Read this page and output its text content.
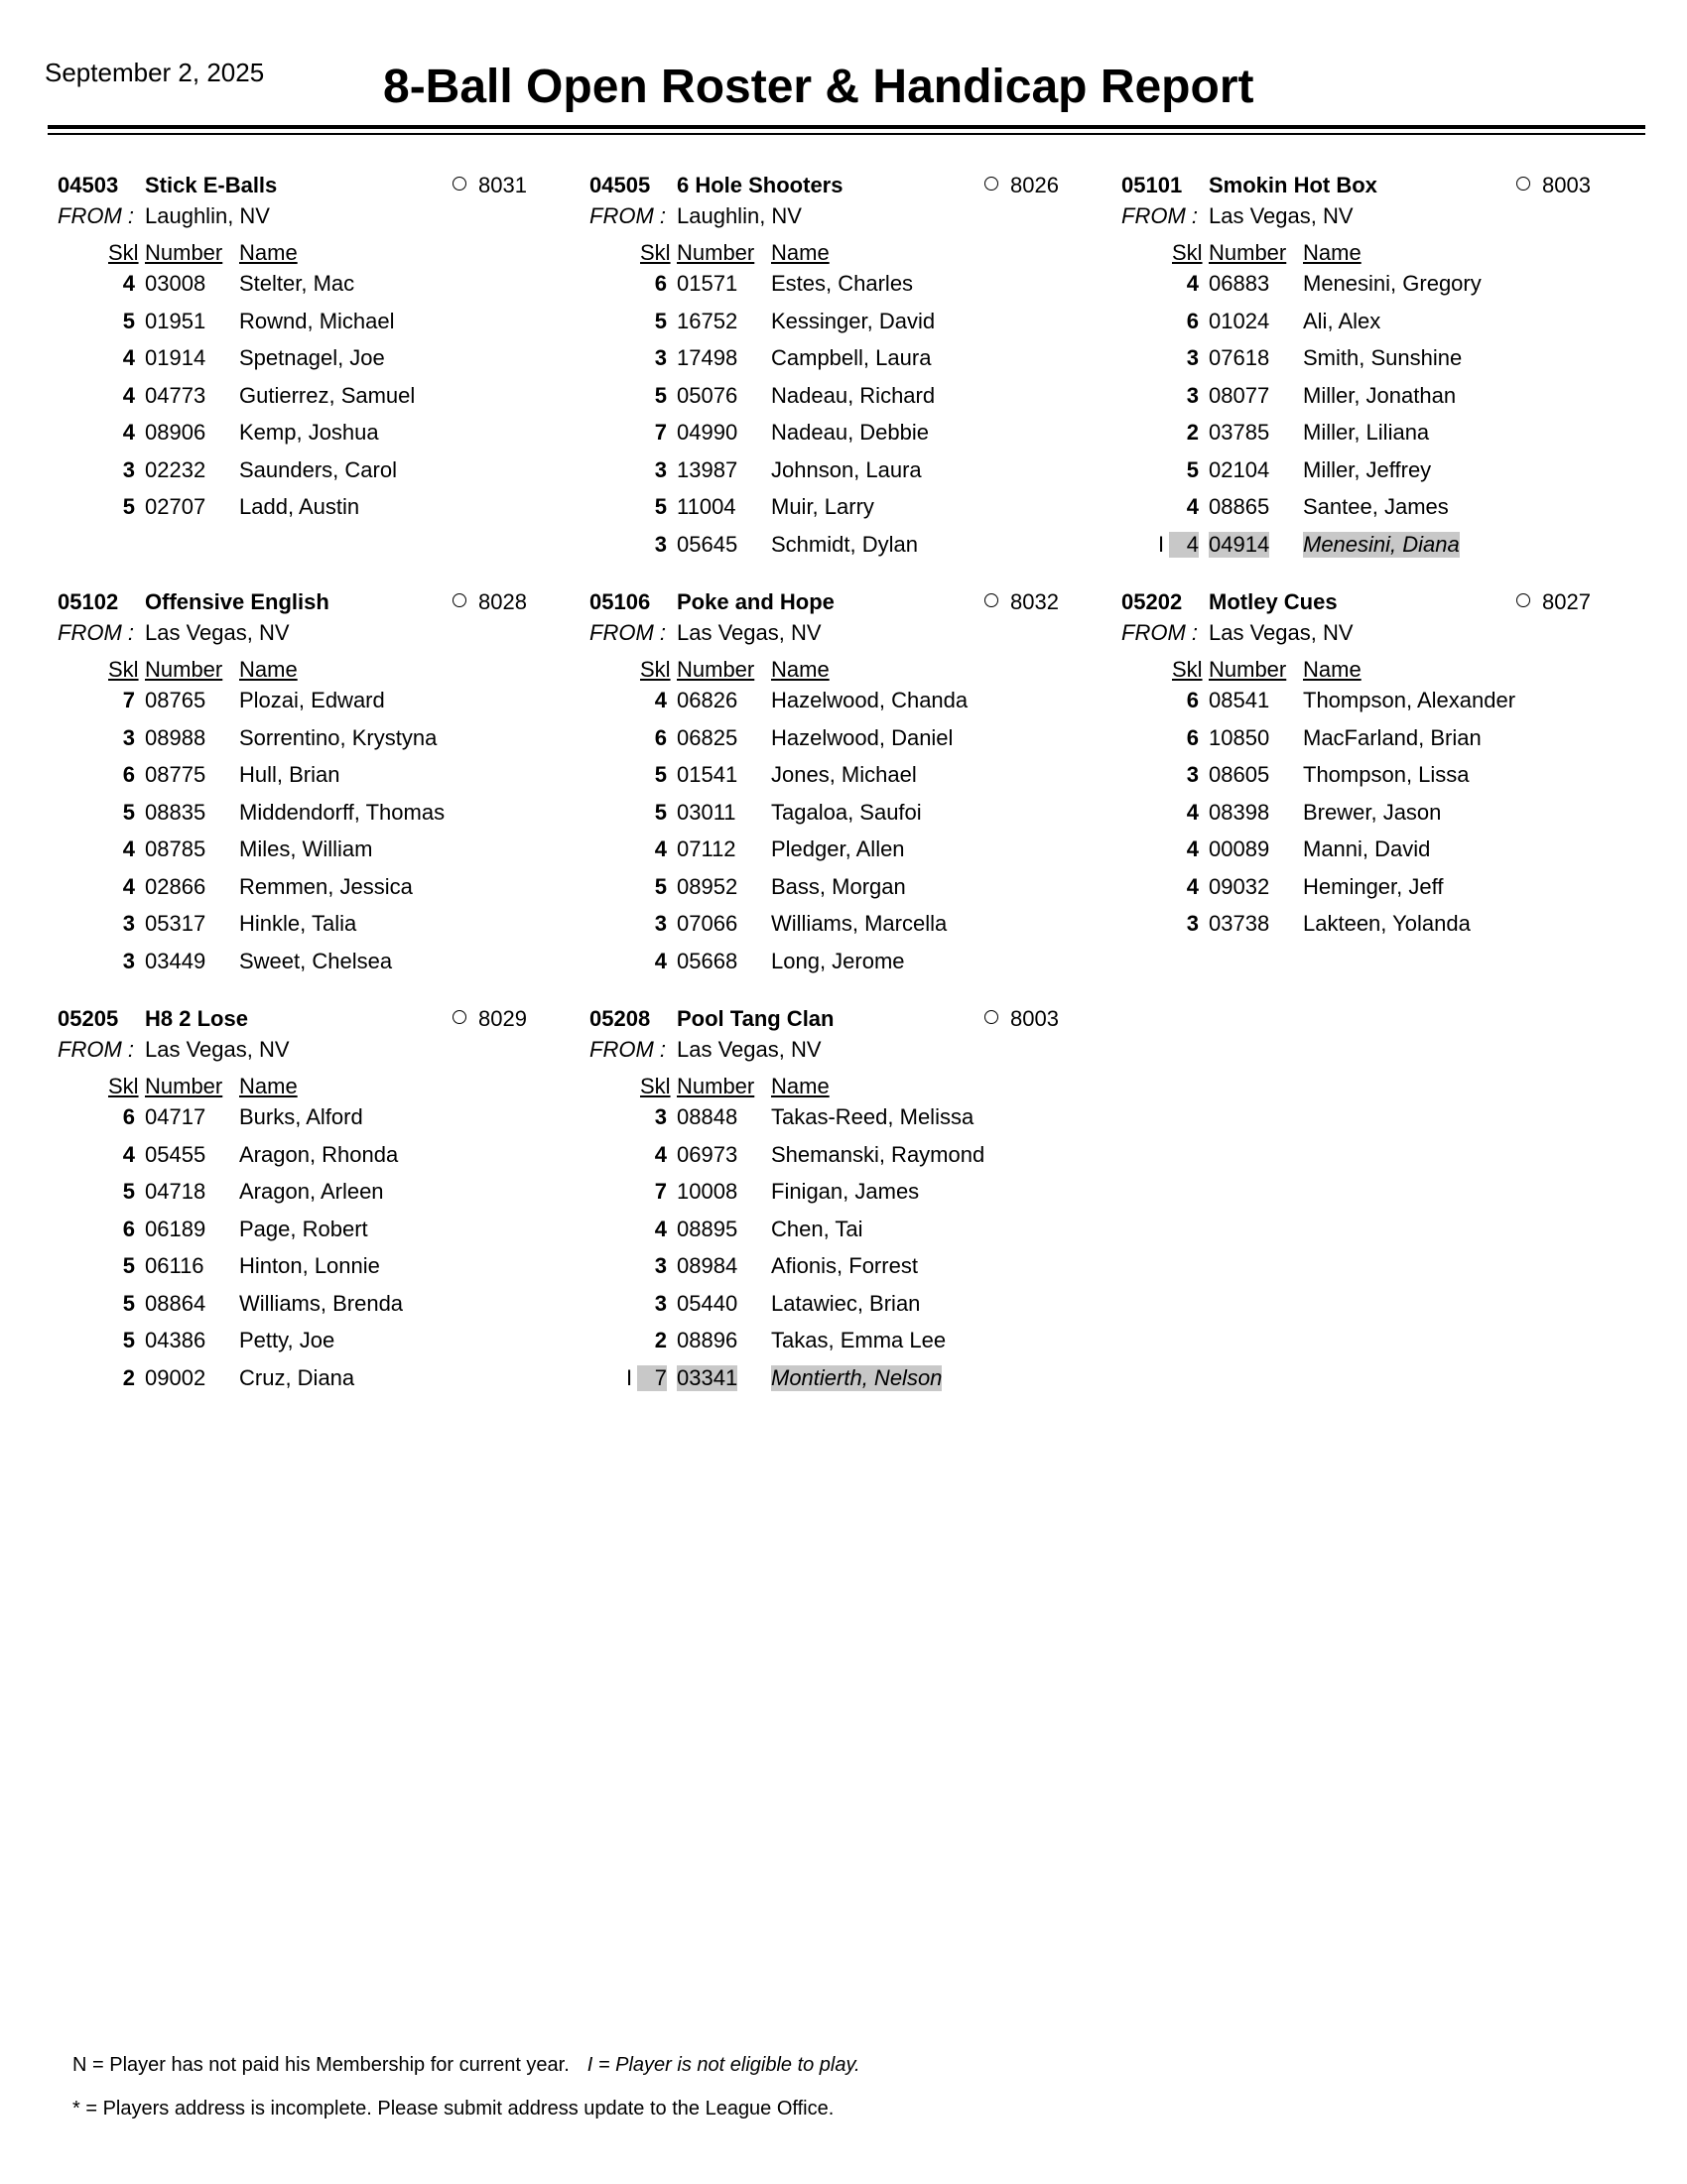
September 2, 2025 8-Ball Open Roster & Handicap Report
04503 Stick E-Balls	8031
FROM : Laughlin, NV
Skl Number Name
4 03008 Stelter, Mac
5 01951 Rownd, Michael
4 01914 Spetnagel, Joe
4 04773 Gutierrez, Samuel
4 08906 Kemp, Joshua
3 02232 Saunders, Carol
5 02707 Ladd, Austin
04505 6 Hole Shooters	8026
FROM : Laughlin, NV
Skl Number Name
6 01571 Estes, Charles
5 16752 Kessinger, David
3 17498 Campbell, Laura
5 05076 Nadeau, Richard
7 04990 Nadeau, Debbie
3 13987 Johnson, Laura
5 11004 Muir, Larry
3 05645 Schmidt, Dylan
05101 Smokin Hot Box	8003
FROM : Las Vegas, NV
Skl Number Name
4 06883 Menesini, Gregory
6 01024 Ali, Alex
3 07618 Smith, Sunshine
3 08077 Miller, Jonathan
2 03785 Miller, Liliana
5 02104 Miller, Jeffrey
4 08865 Santee, James
I	4 04914 Menesini, Diana
05102 Offensive English	8028
FROM : Las Vegas, NV
Skl Number Name
7 08765 Plozai, Edward
3 08988 Sorrentino, Krystyna
6 08775 Hull, Brian
5 08835 Middendorff, Thomas
4 08785 Miles, William
4 02866 Remmen, Jessica
3 05317 Hinkle, Talia
3 03449 Sweet, Chelsea
05106 Poke and Hope	8032
FROM : Las Vegas, NV
Skl Number Name
4 06826 Hazelwood, Chanda
6 06825 Hazelwood, Daniel
5 01541 Jones, Michael
5 03011 Tagaloa, Saufoi
4 07112 Pledger, Allen
5 08952 Bass, Morgan
3 07066 Williams, Marcella
4 05668 Long, Jerome
05202 Motley Cues	8027
FROM : Las Vegas, NV
Skl Number Name
6 08541 Thompson, Alexander
6 10850 MacFarland, Brian
3 08605 Thompson, Lissa
4 08398 Brewer, Jason
4 00089 Manni, David
4 09032 Heminger, Jeff
3 03738 Lakteen, Yolanda
05205 H8 2 Lose	8029
FROM : Las Vegas, NV
Skl Number Name
6 04717 Burks, Alford
4 05455 Aragon, Rhonda
5 04718 Aragon, Arleen
6 06189 Page, Robert
5 06116 Hinton, Lonnie
5 08864 Williams, Brenda
5 04386 Petty, Joe
2 09002 Cruz, Diana
05208 Pool Tang Clan	8003
FROM : Las Vegas, NV
Skl Number Name
3 08848 Takas-Reed, Melissa
4 06973 Shemanski, Raymond
7 10008 Finigan, James
4 08895 Chen, Tai
3 08984 Afionis, Forrest
3 05440 Latawiec, Brian
2 08896 Takas, Emma Lee
I	7 03341 Montierth, Nelson
N = Player has not paid his Membership for current year. I = Player is not eligible to play.
* = Players address is incomplete. Please submit address update to the League Office.
